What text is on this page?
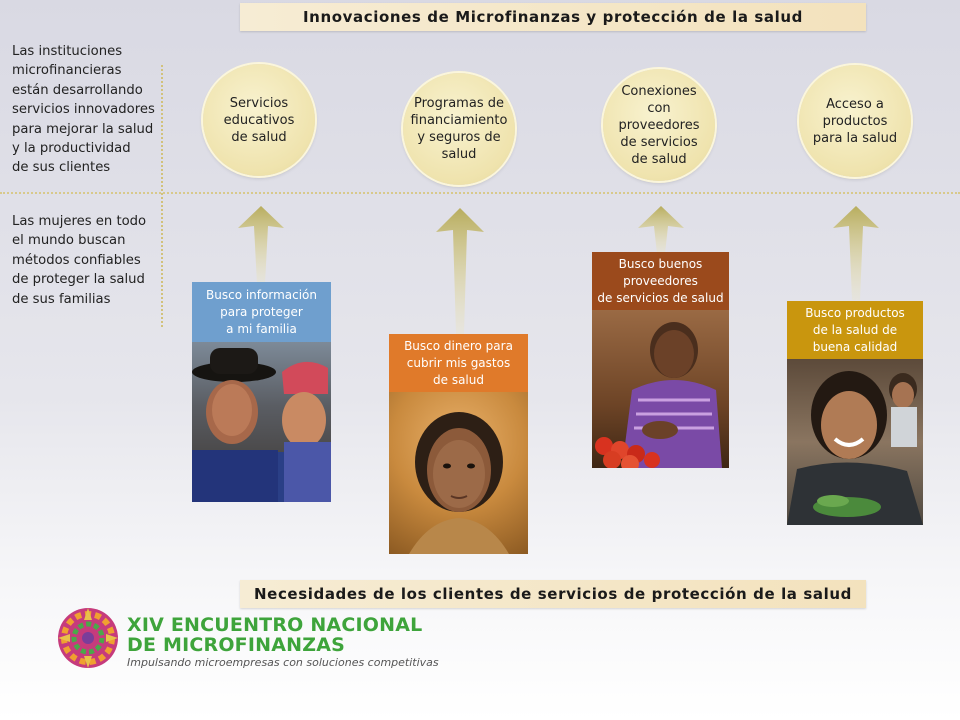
Innovaciones de Microfinanzas y protección de la salud
Las instituciones
microfinancieras
están desarrollando
servicios innovadores
para mejorar la salud
y la productividad
de sus clientes
Las mujeres en todo
el mundo buscan
métodos confiables
de proteger la salud
de sus familias
Servicios
educativos
de salud
Programas de
financiamiento
y seguros de
salud
Conexiones
con proveedores
de servicios
de salud
Acceso a
productos
para la salud
Busco información
para proteger
a mi familia
Busco dinero para
cubrir mis gastos
de salud
Busco buenos
proveedores
de servicios de salud
Busco productos
de la salud de
buena calidad
Necesidades de los clientes de servicios de protección de la salud
XIV ENCUENTRO NACIONAL
DE MICROFINANZAS
Impulsando microempresas con soluciones competitivas
